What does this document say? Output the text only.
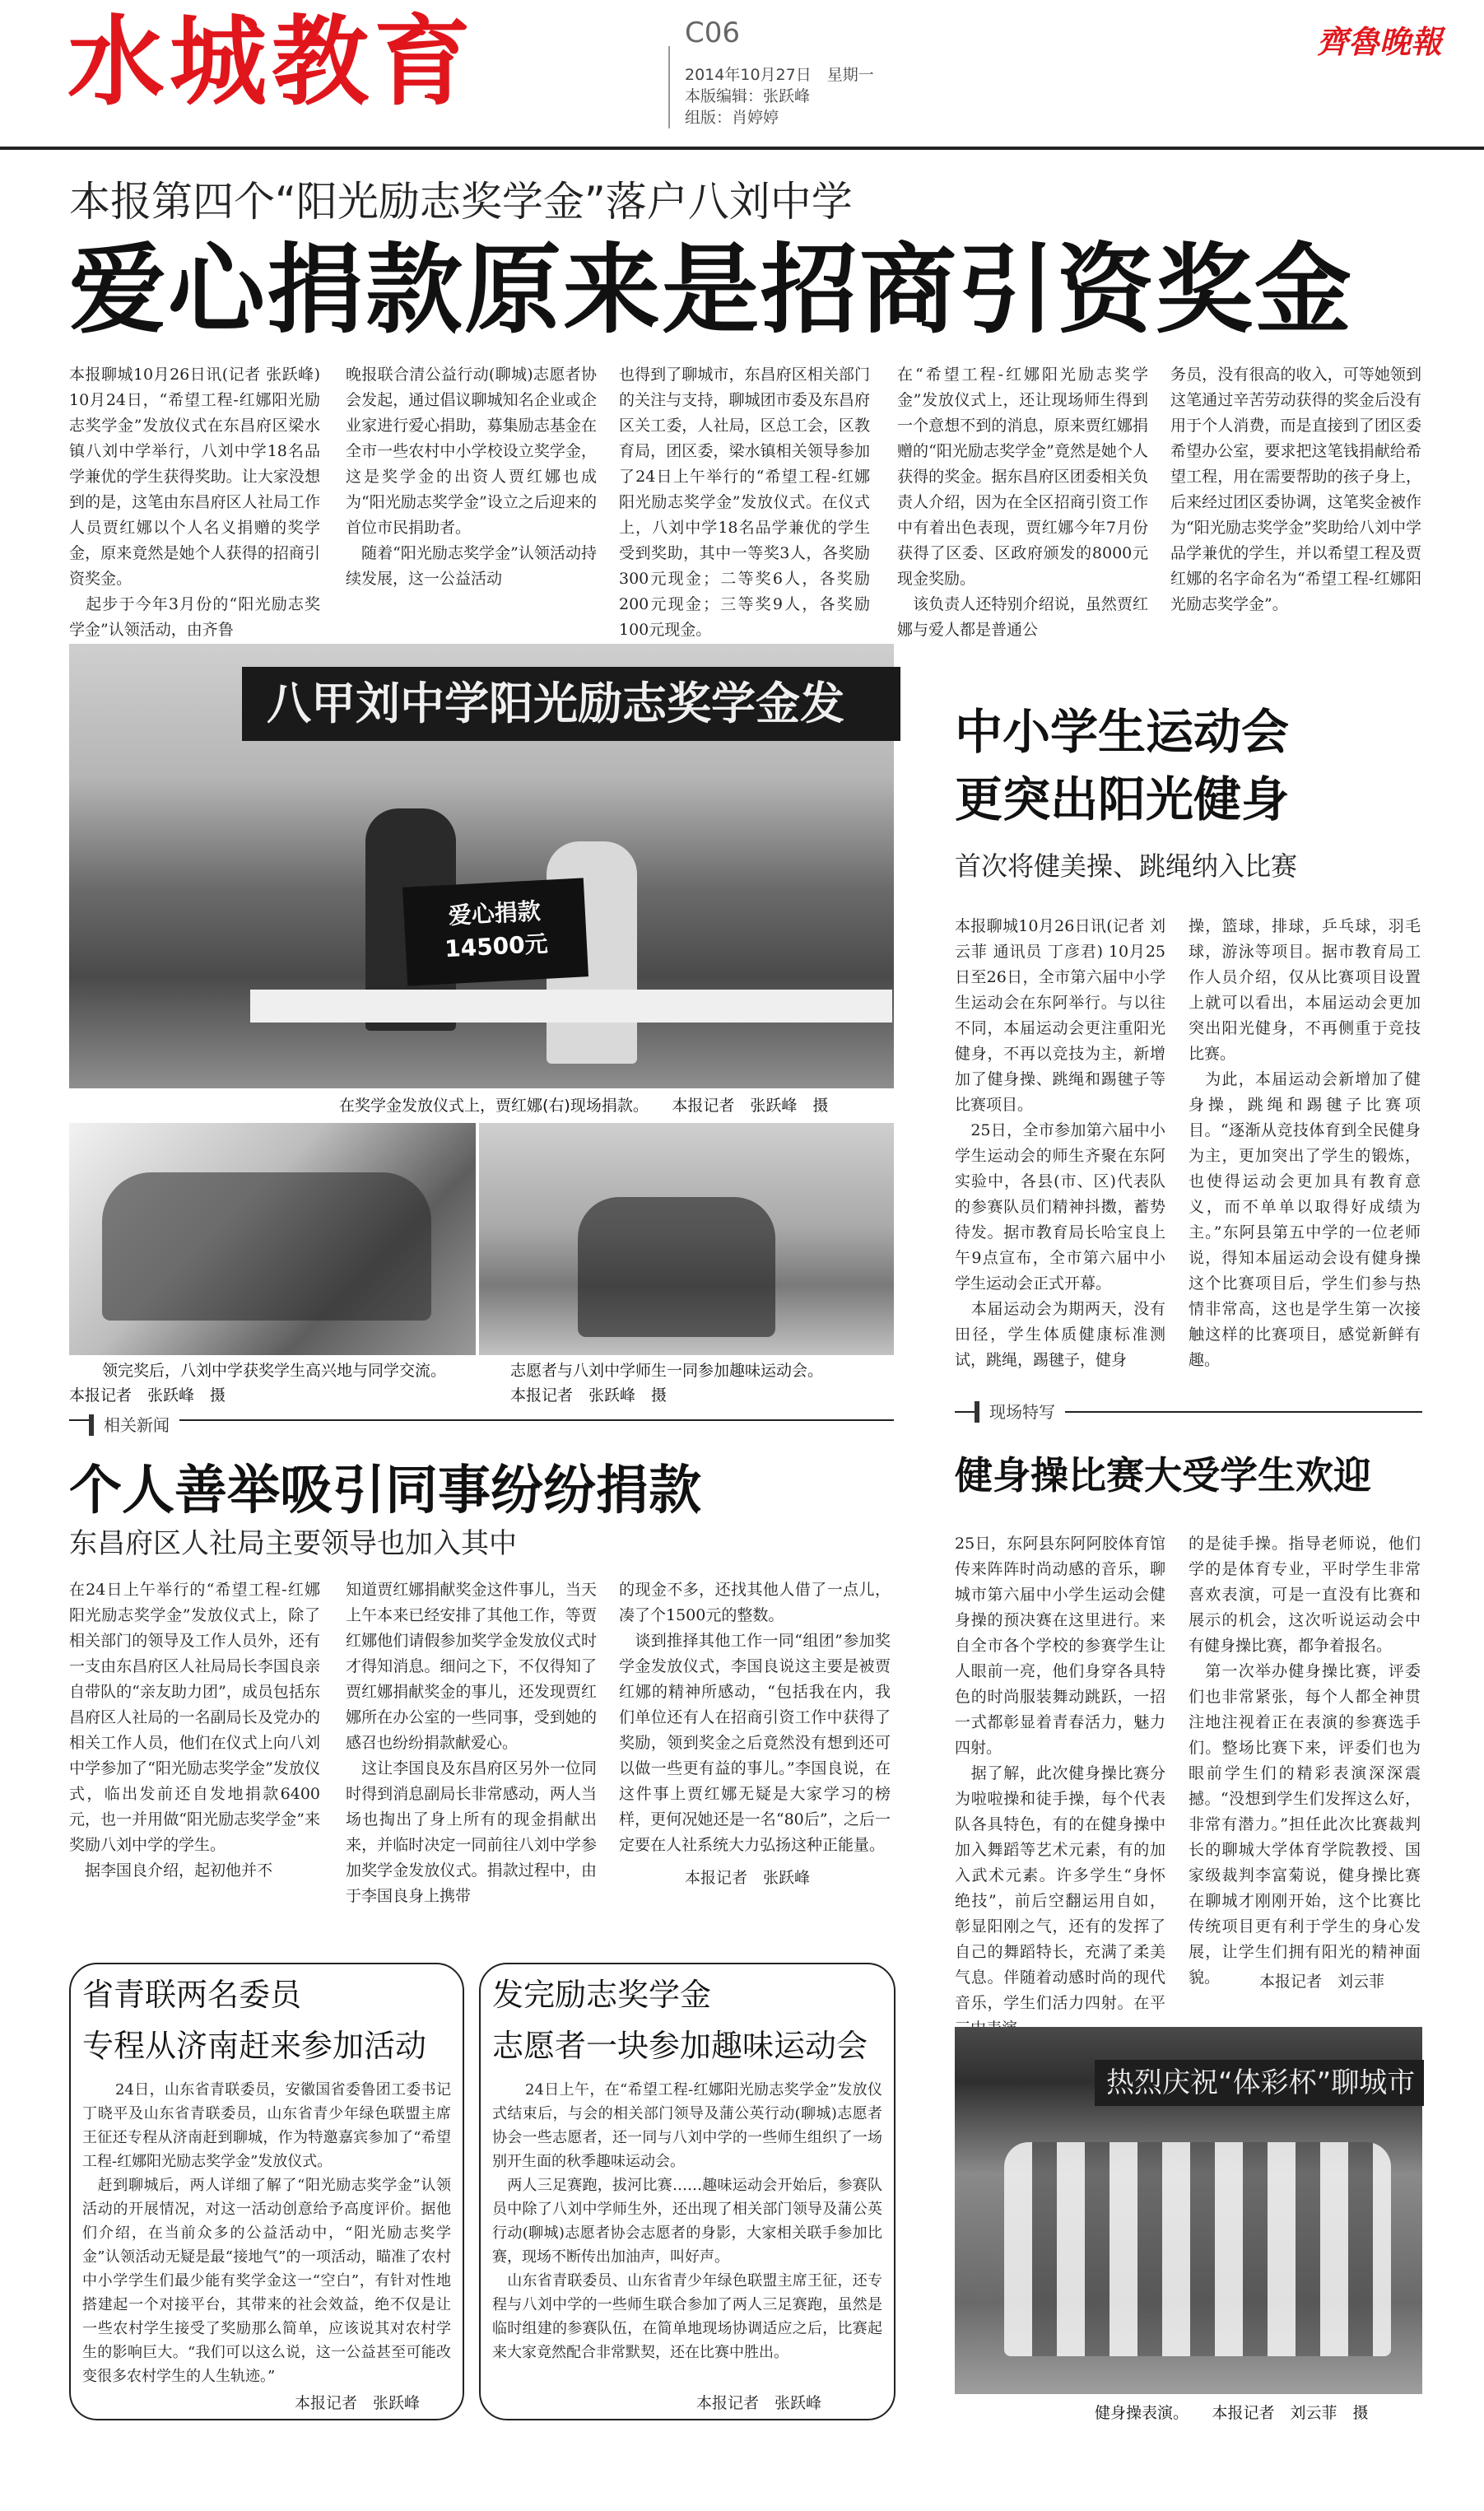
水城教育	C06
2014年10月27日　星期一
本版编辑：张跃峰
组版：肖婷婷
齊魯晚報
本报第四个“阳光励志奖学金”落户八刘中学
爱心捐款原来是招商引资奖金
本报聊城10月26日讯(记者 张跃峰) 10月24日，“希望工程-红娜阳光励志奖学金”发放仪式在东昌府区梁水镇八刘中学举行，八刘中学18名品学兼优的学生获得奖助。让大家没想到的是，这笔由东昌府区人社局工作人员贾红娜以个人名义捐赠的奖学金，原来竟然是她个人获得的招商引资奖金。
　起步于今年3月份的“阳光励志奖学金”认领活动，由齐鲁
晚报联合清公益行动(聊城)志愿者协会发起，通过倡议聊城知名企业或企业家进行爱心捐助，募集励志基金在全市一些农村中小学校设立奖学金，这是奖学金的出资人贾红娜也成为“阳光励志奖学金”设立之后迎来的首位市民捐助者。
　随着“阳光励志奖学金”认领活动持续发展，这一公益活动
也得到了聊城市，东昌府区相关部门的关注与支持，聊城团市委及东昌府区关工委，人社局，区总工会，区教育局，团区委，梁水镇相关领导参加了24日上午举行的“希望工程-红娜阳光励志奖学金”发放仪式。在仪式上，八刘中学18名品学兼优的学生受到奖助，其中一等奖3人，各奖励300元现金；二等奖6人，各奖励200元现金；三等奖9人，各奖励100元现金。
在“希望工程-红娜阳光励志奖学金”发放仪式上，还让现场师生得到一个意想不到的消息，原来贾红娜捐赠的“阳光励志奖学金”竟然是她个人获得的奖金。据东昌府区团委相关负责人介绍，因为在全区招商引资工作中有着出色表现，贾红娜今年7月份获得了区委、区政府颁发的8000元现金奖励。
　该负责人还特别介绍说，虽然贾红娜与爱人都是普通公
务员，没有很高的收入，可等她领到这笔通过辛苦劳动获得的奖金后没有用于个人消费，而是直接到了团区委希望办公室，要求把这笔钱捐献给希望工程，用在需要帮助的孩子身上，后来经过团区委协调，这笔奖金被作为“阳光励志奖学金”奖助给八刘中学品学兼优的学生，并以希望工程及贾红娜的名字命名为“希望工程-红娜阳光励志奖学金”。
八甲刘中学阳光励志奖学金发
爱心捐款
14500元
在奖学金发放仪式上，贾红娜(右)现场捐款。　　本报记者　张跃峰　摄
领完奖后，八刘中学获奖学生高兴地与同学交流。　　本报记者　张跃峰　摄
志愿者与八刘中学师生一同参加趣味运动会。
本报记者　张跃峰　摄
中小学生运动会
更突出阳光健身
首次将健美操、跳绳纳入比赛
本报聊城10月26日讯(记者 刘云菲 通讯员 丁彦君) 10月25日至26日，全市第六届中小学生运动会在东阿举行。与以往不同，本届运动会更注重阳光健身，不再以竞技为主，新增加了健身操、跳绳和踢毽子等比赛项目。
　25日，全市参加第六届中小学生运动会的师生齐聚在东阿实验中，各县(市、区)代表队的参赛队员们精神抖擞，蓄势待发。据市教育局长哈宝良上午9点宣布，全市第六届中小学生运动会正式开幕。
　本届运动会为期两天，没有田径，学生体质健康标准测试，跳绳，踢毽子，健身
操，篮球，排球，乒乓球，羽毛球，游泳等项目。据市教育局工作人员介绍，仅从比赛项目设置上就可以看出，本届运动会更加突出阳光健身，不再侧重于竞技比赛。
　为此，本届运动会新增加了健身操，跳绳和踢毽子比赛项目。“逐渐从竞技体育到全民健身为主，更加突出了学生的锻炼，也使得运动会更加具有教育意义，而不单单以取得好成绩为主。”东阿县第五中学的一位老师说，得知本届运动会设有健身操这个比赛项目后，学生们参与热情非常高，这也是学生第一次接触这样的比赛项目，感觉新鲜有趣。
相关新闻
个人善举吸引同事纷纷捐款
东昌府区人社局主要领导也加入其中
在24日上午举行的“希望工程-红娜阳光励志奖学金”发放仪式上，除了相关部门的领导及工作人员外，还有一支由东昌府区人社局局长李国良亲自带队的“亲友助力团”，成员包括东昌府区人社局的一名副局长及党办的相关工作人员，他们在仪式上向八刘中学参加了“阳光励志奖学金”发放仪式，临出发前还自发地捐款6400元，也一并用做“阳光励志奖学金”来奖励八刘中学的学生。
　据李国良介绍，起初他并不
知道贾红娜捐献奖金这件事儿，当天上午本来已经安排了其他工作，等贾红娜他们请假参加奖学金发放仪式时才得知消息。细问之下，不仅得知了贾红娜捐献奖金的事儿，还发现贾红娜所在办公室的一些同事，受到她的感召也纷纷捐款献爱心。
　这让李国良及东昌府区另外一位同时得到消息副局长非常感动，两人当场也掏出了身上所有的现金捐献出来，并临时决定一同前往八刘中学参加奖学金发放仪式。捐款过程中，由于李国良身上携带
的现金不多，还找其他人借了一点儿，凑了个1500元的整数。
　谈到推择其他工作一同“组团”参加奖学金发放仪式，李国良说这主要是被贾红娜的精神所感动，“包括我在内，我们单位还有人在招商引资工作中获得了奖励，领到奖金之后竟然没有想到还可以做一些更有益的事儿。”李国良说，在这件事上贾红娜无疑是大家学习的榜样，更何况她还是一名“80后”，之后一定要在人社系统大力弘扬这种正能量。
本报记者　张跃峰
现场特写
健身操比赛大受学生欢迎
25日，东阿县东阿阿胶体育馆传来阵阵时尚动感的音乐，聊城市第六届中小学生运动会健身操的预决赛在这里进行。来自全市各个学校的参赛学生让人眼前一亮，他们身穿各具特色的时尚服装舞动跳跃，一招一式都彰显着青春活力，魅力四射。
　据了解，此次健身操比赛分为啦啦操和徒手操，每个代表队各具特色，有的在健身操中加入舞蹈等艺术元素，有的加入武术元素。许多学生“身怀绝技”，前后空翻运用自如，彰显阳刚之气，还有的发挥了自己的舞蹈特长，充满了柔美气息。伴随着动感时尚的现代音乐，学生们活力四射。在平
的是徒手操。指导老师说，他们学的是体育专业，平时学生非常喜欢表演，可是一直没有比赛和展示的机会，这次听说运动会中有健身操比赛，都争着报名。
　第一次举办健身操比赛，评委们也非常紧张，每个人都全神贯注地注视着正在表演的参赛选手们。整场比赛下来，评委们也为眼前学生们的精彩表演深深震撼。“没想到学生们发挥这么好，非常有潜力。”担任此次比赛裁判长的聊城大学体育学院教授、国家级裁判李富菊说，健身操比赛在聊城才刚刚开始，这个比赛比传统项目更有利于学生的身心发展，让学生们拥有阳光的精神面貌。	本报记者　刘云菲
热烈庆祝“体彩杯”聊城市
健身操表演。　　本报记者　刘云菲　摄
省青联两名委员
专程从济南赶来参加活动
24日，山东省青联委员，安徽国省委鲁团工委书记丁晓平及山东省青联委员，山东省青少年绿色联盟主席王征还专程从济南赶到聊城，作为特邀嘉宾参加了“希望工程-红娜阳光励志奖学金”发放仪式。
　赶到聊城后，两人详细了解了“阳光励志奖学金”认领活动的开展情况，对这一活动创意给予高度评价。据他们介绍，在当前众多的公益活动中，“阳光励志奖学金”认领活动无疑是最“接地气”的一项活动，瞄准了农村中小学学生们最少能有奖学金这一“空白”，有针对性地搭建起一个对接平台，其带来的社会效益，绝不仅是让一些农村学生接受了奖励那么简单，应该说其对农村学生的影响巨大。“我们可以这么说，这一公益甚至可能改变很多农村学生的人生轨迹。”
本报记者　张跃峰
发完励志奖学金
志愿者一块参加趣味运动会
24日上午，在“希望工程-红娜阳光励志奖学金”发放仪式结束后，与会的相关部门领导及蒲公英行动(聊城)志愿者协会一些志愿者，还一同与八刘中学的一些师生组织了一场别开生面的秋季趣味运动会。
　两人三足赛跑，拔河比赛……趣味运动会开始后，参赛队员中除了八刘中学师生外，还出现了相关部门领导及蒲公英行动(聊城)志愿者协会志愿者的身影，大家相关联手参加比赛，现场不断传出加油声，叫好声。
　山东省青联委员、山东省青少年绿色联盟主席王征，还专程与八刘中学的一些师生联合参加了两人三足赛跑，虽然是临时组建的参赛队伍，在简单地现场协调适应之后，比赛起来大家竟然配合非常默契，还在比赛中胜出。
本报记者　张跃峰
